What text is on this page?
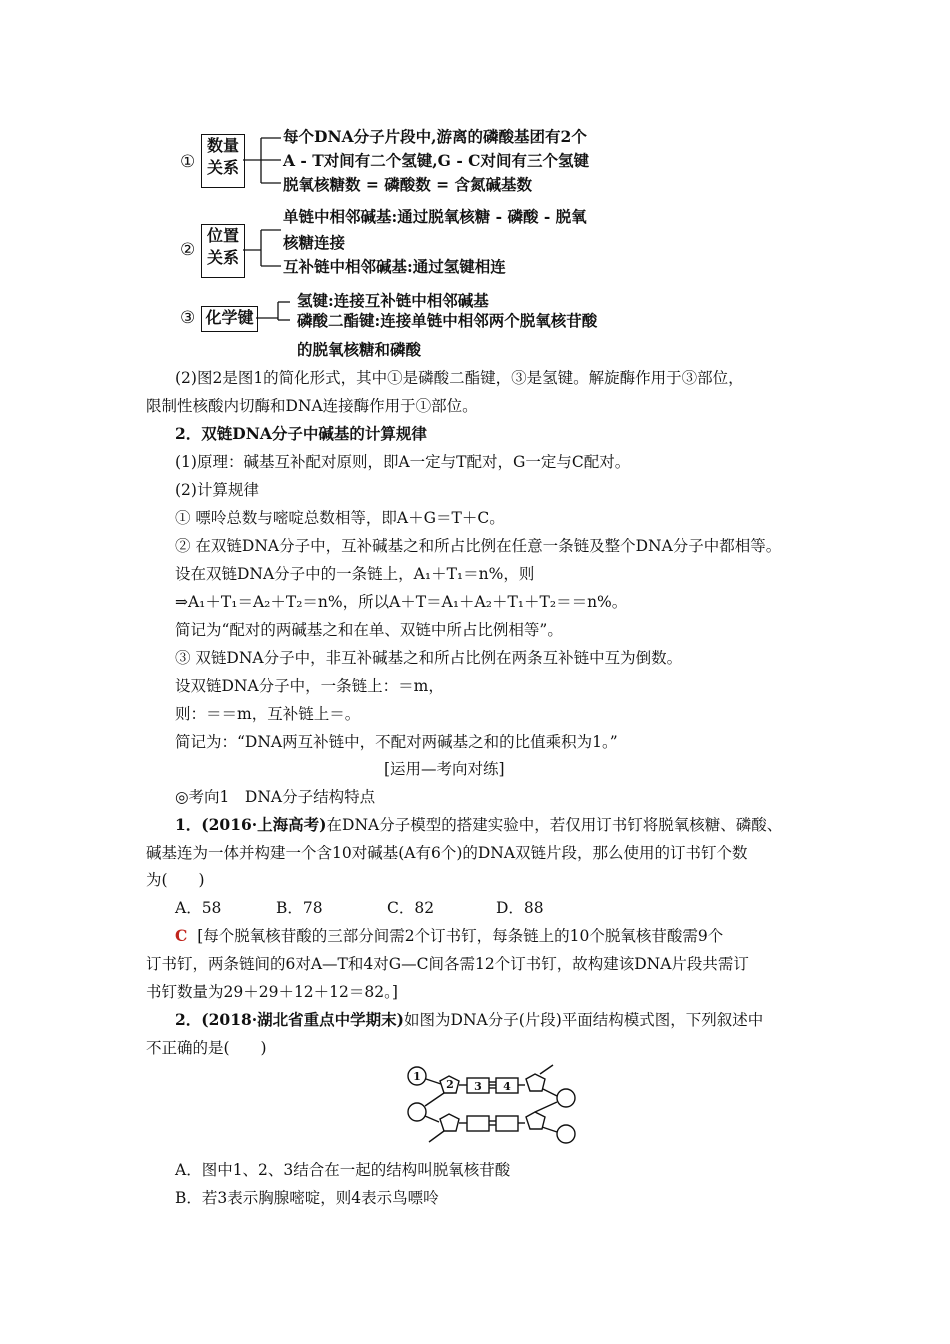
①
数量
关系
每个DNA分子片段中,游离的磷酸基团有2个
A - T对间有二个氢键,G - C对间有三个氢键
脱氧核糖数 = 磷酸数 = 含氮碱基数
②
位置
关系
单链中相邻碱基:通过脱氧核糖 - 磷酸 - 脱氧
核糖连接
互补链中相邻碱基:通过氢键相连
③ 化学键
氢键:连接互补链中相邻碱基
磷酸二酯键:连接单链中相邻两个脱氧核苷酸
的脱氧核糖和磷酸
(2)图2是图1的简化形式，其中①是磷酸二酯键，③是氢键。解旋酶作用于③部位，
限制性核酸内切酶和DNA连接酶作用于①部位。
2．双链DNA分子中碱基的计算规律
(1)原理：碱基互补配对原则，即A一定与T配对，G一定与C配对。
(2)计算规律
① 嘌呤总数与嘧啶总数相等，即A＋G＝T＋C。
② 在双链DNA分子中，互补碱基之和所占比例在任意一条链及整个DNA分子中都相等。
设在双链DNA分子中的一条链上，A₁＋T₁＝n%，则
⇒A₁＋T₁＝A₂＋T₂＝n%，所以A＋T＝A₁＋A₂＋T₁＋T₂＝＝n%。
简记为“配对的两碱基之和在单、双链中所占比例相等”。
③ 双链DNA分子中，非互补碱基之和所占比例在两条互补链中互为倒数。
设双链DNA分子中，一条链上：＝m，
则：＝＝m，互补链上＝。
简记为：“DNA两互补链中，不配对两碱基之和的比值乘积为1。”
[运用—考向对练]
◎考向1　DNA分子结构特点
1．(2016·上海高考)在DNA分子模型的搭建实验中，若仅用订书钉将脱氧核糖、磷酸、
碱基连为一体并构建一个含10对碱基(A有6个)的DNA双链片段，那么使用的订书钉个数
为(　　)
A．58	B．78	C．82	D．88
C [每个脱氧核苷酸的三部分间需2个订书钉，每条链上的10个脱氧核苷酸需9个
订书钉，两条链间的6对A—T和4对G—C间各需12个订书钉，故构建该DNA片段共需订
书钉数量为29＋29＋12＋12＝82。]
2．(2018·湖北省重点中学期末)如图为DNA分子(片段)平面结构模式图，下列叙述中
不正确的是(　　)
1
2 3 4
A．图中1、2、3结合在一起的结构叫脱氧核苷酸
B．若3表示胸腺嘧啶，则4表示鸟嘌呤
